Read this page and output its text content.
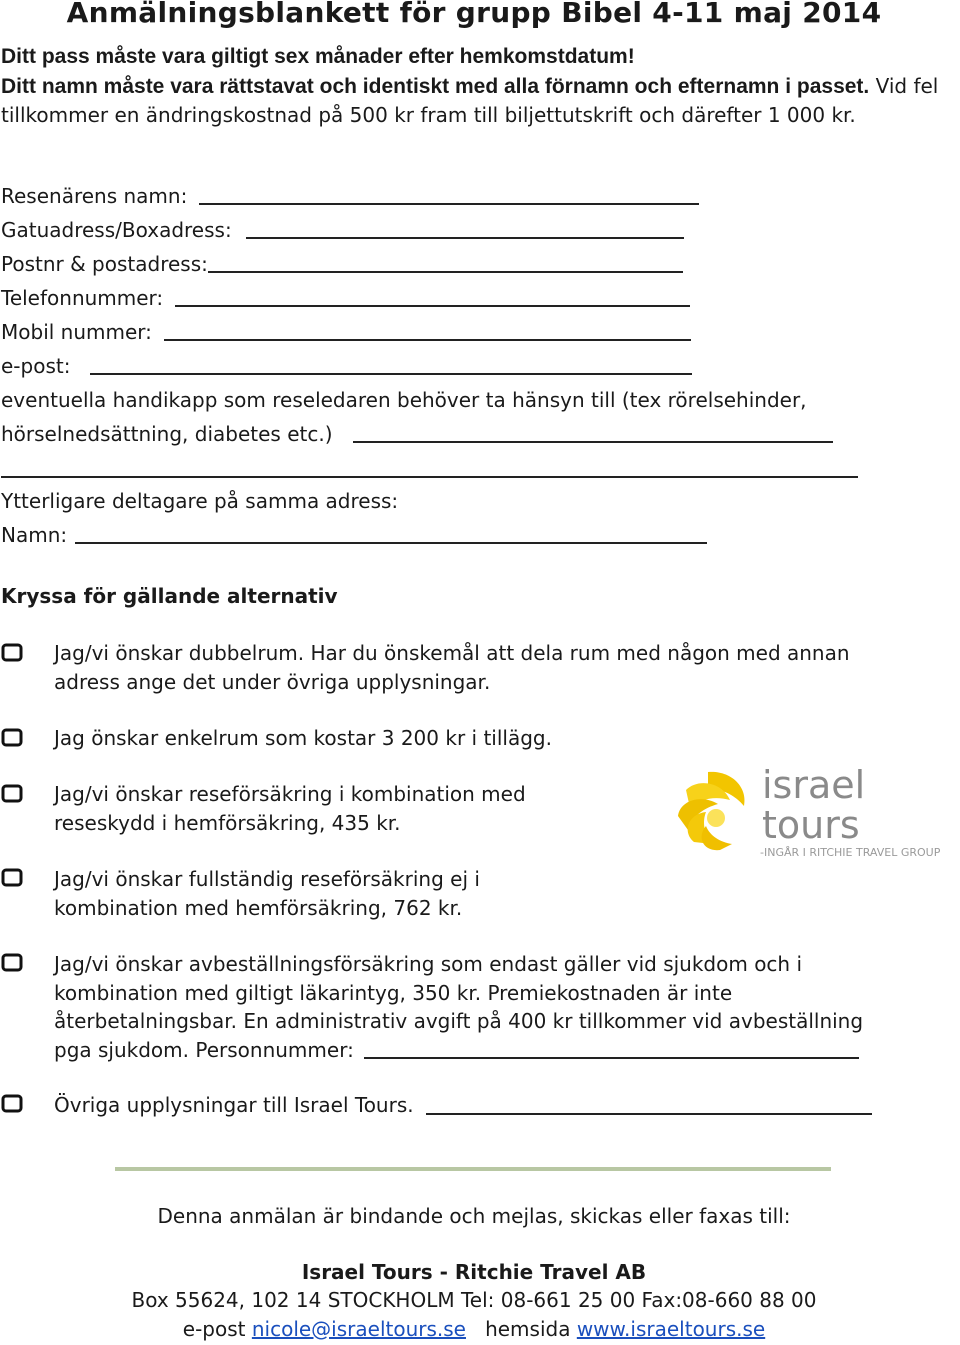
Anmälningsblankett för grupp Bibel 4-11 maj 2014
Ditt pass måste vara giltigt sex månader efter hemkomstdatum!
Ditt namn måste vara rättstavat och identiskt med alla förnamn och efternamn i passet. Vid fel tillkommer en ändringskostnad på 500 kr fram till biljettutskrift och därefter 1 000 kr.
Resenärens namn:
Gatuadress/Boxadress:
Postnr & postadress:
Telefonnummer:
Mobil nummer:
e-post:
eventuella handikapp som reseledaren behöver ta hänsyn till (tex rörelsehinder,
hörselnedsättning, diabetes etc.)
Ytterligare deltagare på samma adress:
Namn:
Kryssa för gällande alternativ
Jag/vi önskar dubbelrum. Har du önskemål att dela rum med någon med annan
adress ange det under övriga upplysningar.
Jag önskar enkelrum som kostar 3 200 kr i tillägg.
Jag/vi önskar reseförsäkring i kombination med
reseskydd i hemförsäkring, 435 kr.
Jag/vi önskar fullständig reseförsäkring ej i
kombination med hemförsäkring, 762 kr.
Jag/vi önskar avbeställningsförsäkring som endast gäller vid sjukdom och i
kombination med giltigt läkarintyg, 350 kr. Premiekostnaden är inte
återbetalningsbar. En administrativ avgift på 400 kr tillkommer vid avbeställning
pga sjukdom. Personnummer:
Övriga upplysningar till Israel Tours.
israel
tours
-INGÅR I RITCHIE TRAVEL GROUP
Denna anmälan är bindande och mejlas, skickas eller faxas till:
Israel Tours - Ritchie Travel AB
Box 55624, 102 14 STOCKHOLM Tel: 08-661 25 00 Fax:08-660 88 00
e-post nicole@israeltours.se hemsida www.israeltours.se
